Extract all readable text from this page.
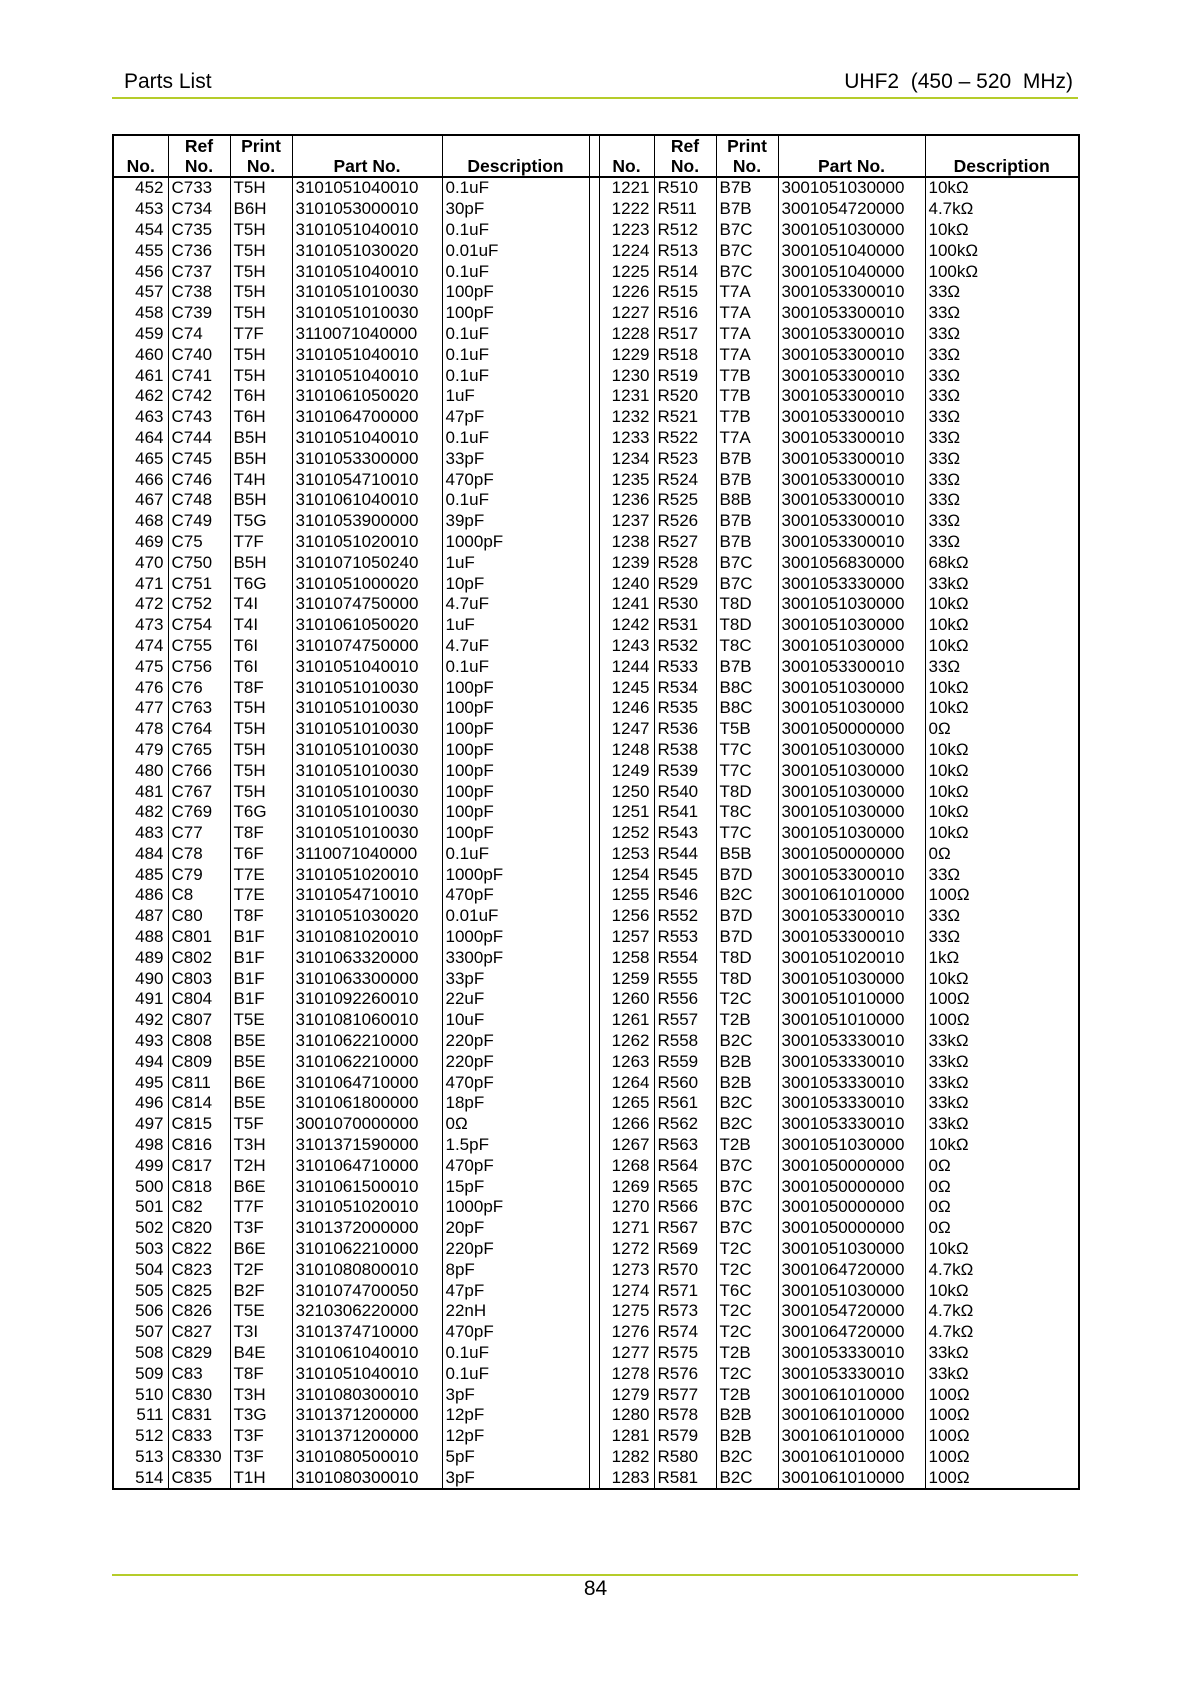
Parts List	UHF2  (450 – 520  MHz)
No.	Ref No.	Print No.	Part No.	Description		No.	Ref No.	Print No.	Part No.	Description
452	C733	T5H	3101051040010	0.1uF		1221	R510	B7B	3001051030000	10kΩ
453	C734	B6H	3101053000010	30pF		1222	R511	B7B	3001054720000	4.7kΩ
454	C735	T5H	3101051040010	0.1uF		1223	R512	B7C	3001051030000	10kΩ
455	C736	T5H	3101051030020	0.01uF		1224	R513	B7C	3001051040000	100kΩ
456	C737	T5H	3101051040010	0.1uF		1225	R514	B7C	3001051040000	100kΩ
457	C738	T5H	3101051010030	100pF		1226	R515	T7A	3001053300010	33Ω
458	C739	T5H	3101051010030	100pF		1227	R516	T7A	3001053300010	33Ω
459	C74	T7F	3110071040000	0.1uF		1228	R517	T7A	3001053300010	33Ω
460	C740	T5H	3101051040010	0.1uF		1229	R518	T7A	3001053300010	33Ω
461	C741	T5H	3101051040010	0.1uF		1230	R519	T7B	3001053300010	33Ω
462	C742	T6H	3101061050020	1uF		1231	R520	T7B	3001053300010	33Ω
463	C743	T6H	3101064700000	47pF		1232	R521	T7B	3001053300010	33Ω
464	C744	B5H	3101051040010	0.1uF		1233	R522	T7A	3001053300010	33Ω
465	C745	B5H	3101053300000	33pF		1234	R523	B7B	3001053300010	33Ω
466	C746	T4H	3101054710010	470pF		1235	R524	B7B	3001053300010	33Ω
467	C748	B5H	3101061040010	0.1uF		1236	R525	B8B	3001053300010	33Ω
468	C749	T5G	3101053900000	39pF		1237	R526	B7B	3001053300010	33Ω
469	C75	T7F	3101051020010	1000pF		1238	R527	B7B	3001053300010	33Ω
470	C750	B5H	3101071050240	1uF		1239	R528	B7C	3001056830000	68kΩ
471	C751	T6G	3101051000020	10pF		1240	R529	B7C	3001053330000	33kΩ
472	C752	T4I	3101074750000	4.7uF		1241	R530	T8D	3001051030000	10kΩ
473	C754	T4I	3101061050020	1uF		1242	R531	T8D	3001051030000	10kΩ
474	C755	T6I	3101074750000	4.7uF		1243	R532	T8C	3001051030000	10kΩ
475	C756	T6I	3101051040010	0.1uF		1244	R533	B7B	3001053300010	33Ω
476	C76	T8F	3101051010030	100pF		1245	R534	B8C	3001051030000	10kΩ
477	C763	T5H	3101051010030	100pF		1246	R535	B8C	3001051030000	10kΩ
478	C764	T5H	3101051010030	100pF		1247	R536	T5B	3001050000000	0Ω
479	C765	T5H	3101051010030	100pF		1248	R538	T7C	3001051030000	10kΩ
480	C766	T5H	3101051010030	100pF		1249	R539	T7C	3001051030000	10kΩ
481	C767	T5H	3101051010030	100pF		1250	R540	T8D	3001051030000	10kΩ
482	C769	T6G	3101051010030	100pF		1251	R541	T8C	3001051030000	10kΩ
483	C77	T8F	3101051010030	100pF		1252	R543	T7C	3001051030000	10kΩ
484	C78	T6F	3110071040000	0.1uF		1253	R544	B5B	3001050000000	0Ω
485	C79	T7E	3101051020010	1000pF		1254	R545	B7D	3001053300010	33Ω
486	C8	T7E	3101054710010	470pF		1255	R546	B2C	3001061010000	100Ω
487	C80	T8F	3101051030020	0.01uF		1256	R552	B7D	3001053300010	33Ω
488	C801	B1F	3101081020010	1000pF		1257	R553	B7D	3001053300010	33Ω
489	C802	B1F	3101063320000	3300pF		1258	R554	T8D	3001051020010	1kΩ
490	C803	B1F	3101063300000	33pF		1259	R555	T8D	3001051030000	10kΩ
491	C804	B1F	3101092260010	22uF		1260	R556	T2C	3001051010000	100Ω
492	C807	T5E	3101081060010	10uF		1261	R557	T2B	3001051010000	100Ω
493	C808	B5E	3101062210000	220pF		1262	R558	B2C	3001053330010	33kΩ
494	C809	B5E	3101062210000	220pF		1263	R559	B2B	3001053330010	33kΩ
495	C811	B6E	3101064710000	470pF		1264	R560	B2B	3001053330010	33kΩ
496	C814	B5E	3101061800000	18pF		1265	R561	B2C	3001053330010	33kΩ
497	C815	T5F	3001070000000	0Ω		1266	R562	B2C	3001053330010	33kΩ
498	C816	T3H	3101371590000	1.5pF		1267	R563	T2B	3001051030000	10kΩ
499	C817	T2H	3101064710000	470pF		1268	R564	B7C	3001050000000	0Ω
500	C818	B6E	3101061500010	15pF		1269	R565	B7C	3001050000000	0Ω
501	C82	T7F	3101051020010	1000pF		1270	R566	B7C	3001050000000	0Ω
502	C820	T3F	3101372000000	20pF		1271	R567	B7C	3001050000000	0Ω
503	C822	B6E	3101062210000	220pF		1272	R569	T2C	3001051030000	10kΩ
504	C823	T2F	3101080800010	8pF		1273	R570	T2C	3001064720000	4.7kΩ
505	C825	B2F	3101074700050	47pF		1274	R571	T6C	3001051030000	10kΩ
506	C826	T5E	3210306220000	22nH		1275	R573	T2C	3001054720000	4.7kΩ
507	C827	T3I	3101374710000	470pF		1276	R574	T2C	3001064720000	4.7kΩ
508	C829	B4E	3101061040010	0.1uF		1277	R575	T2B	3001053330010	33kΩ
509	C83	T8F	3101051040010	0.1uF		1278	R576	T2C	3001053330010	33kΩ
510	C830	T3H	3101080300010	3pF		1279	R577	T2B	3001061010000	100Ω
511	C831	T3G	3101371200000	12pF		1280	R578	B2B	3001061010000	100Ω
512	C833	T3F	3101371200000	12pF		1281	R579	B2B	3001061010000	100Ω
513	C8330	T3F	3101080500010	5pF		1282	R580	B2C	3001061010000	100Ω
514	C835	T1H	3101080300010	3pF		1283	R581	B2C	3001061010000	100Ω
84
